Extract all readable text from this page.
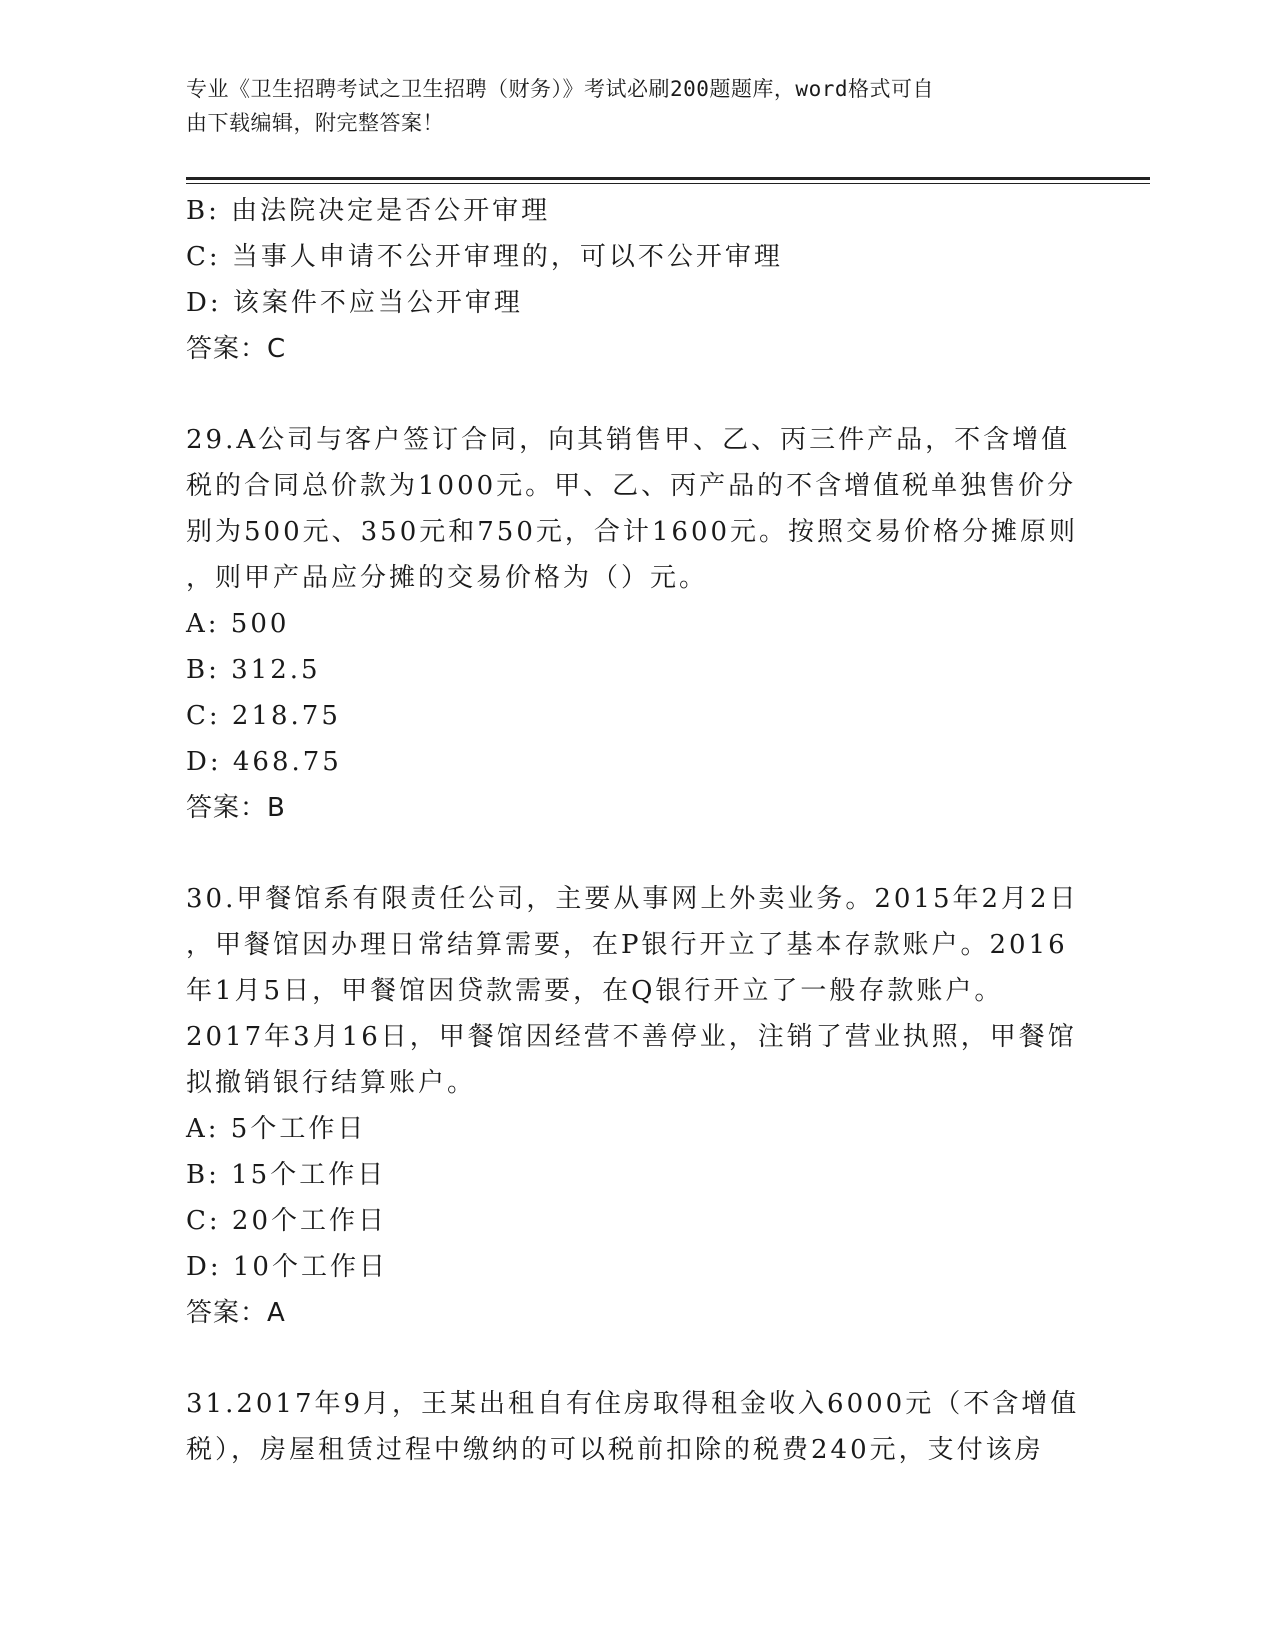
专业《卫生招聘考试之卫生招聘（财务）》考试必刷200题题库，word格式可自
由下载编辑，附完整答案！
B: 由法院决定是否公开审理
C: 当事人申请不公开审理的，可以不公开审理
D: 该案件不应当公开审理
答案：C
29.A公司与客户签订合同，向其销售甲、乙、丙三件产品，不含增值
税的合同总价款为1000元。甲、乙、丙产品的不含增值税单独售价分
别为500元、350元和750元，合计1600元。按照交易价格分摊原则
，则甲产品应分摊的交易价格为（）元。
A: 500
B: 312.5
C: 218.75
D: 468.75
答案：B
30.甲餐馆系有限责任公司，主要从事网上外卖业务。2015年2月2日
，甲餐馆因办理日常结算需要，在P银行开立了基本存款账户。2016
年1月5日，甲餐馆因贷款需要，在Q银行开立了一般存款账户。
2017年3月16日，甲餐馆因经营不善停业，注销了营业执照，甲餐馆
拟撤销银行结算账户。
A: 5个工作日
B: 15个工作日
C: 20个工作日
D: 10个工作日
答案：A
31.2017年9月，王某出租自有住房取得租金收入6000元（不含增值
税），房屋租赁过程中缴纳的可以税前扣除的税费240元，支付该房
